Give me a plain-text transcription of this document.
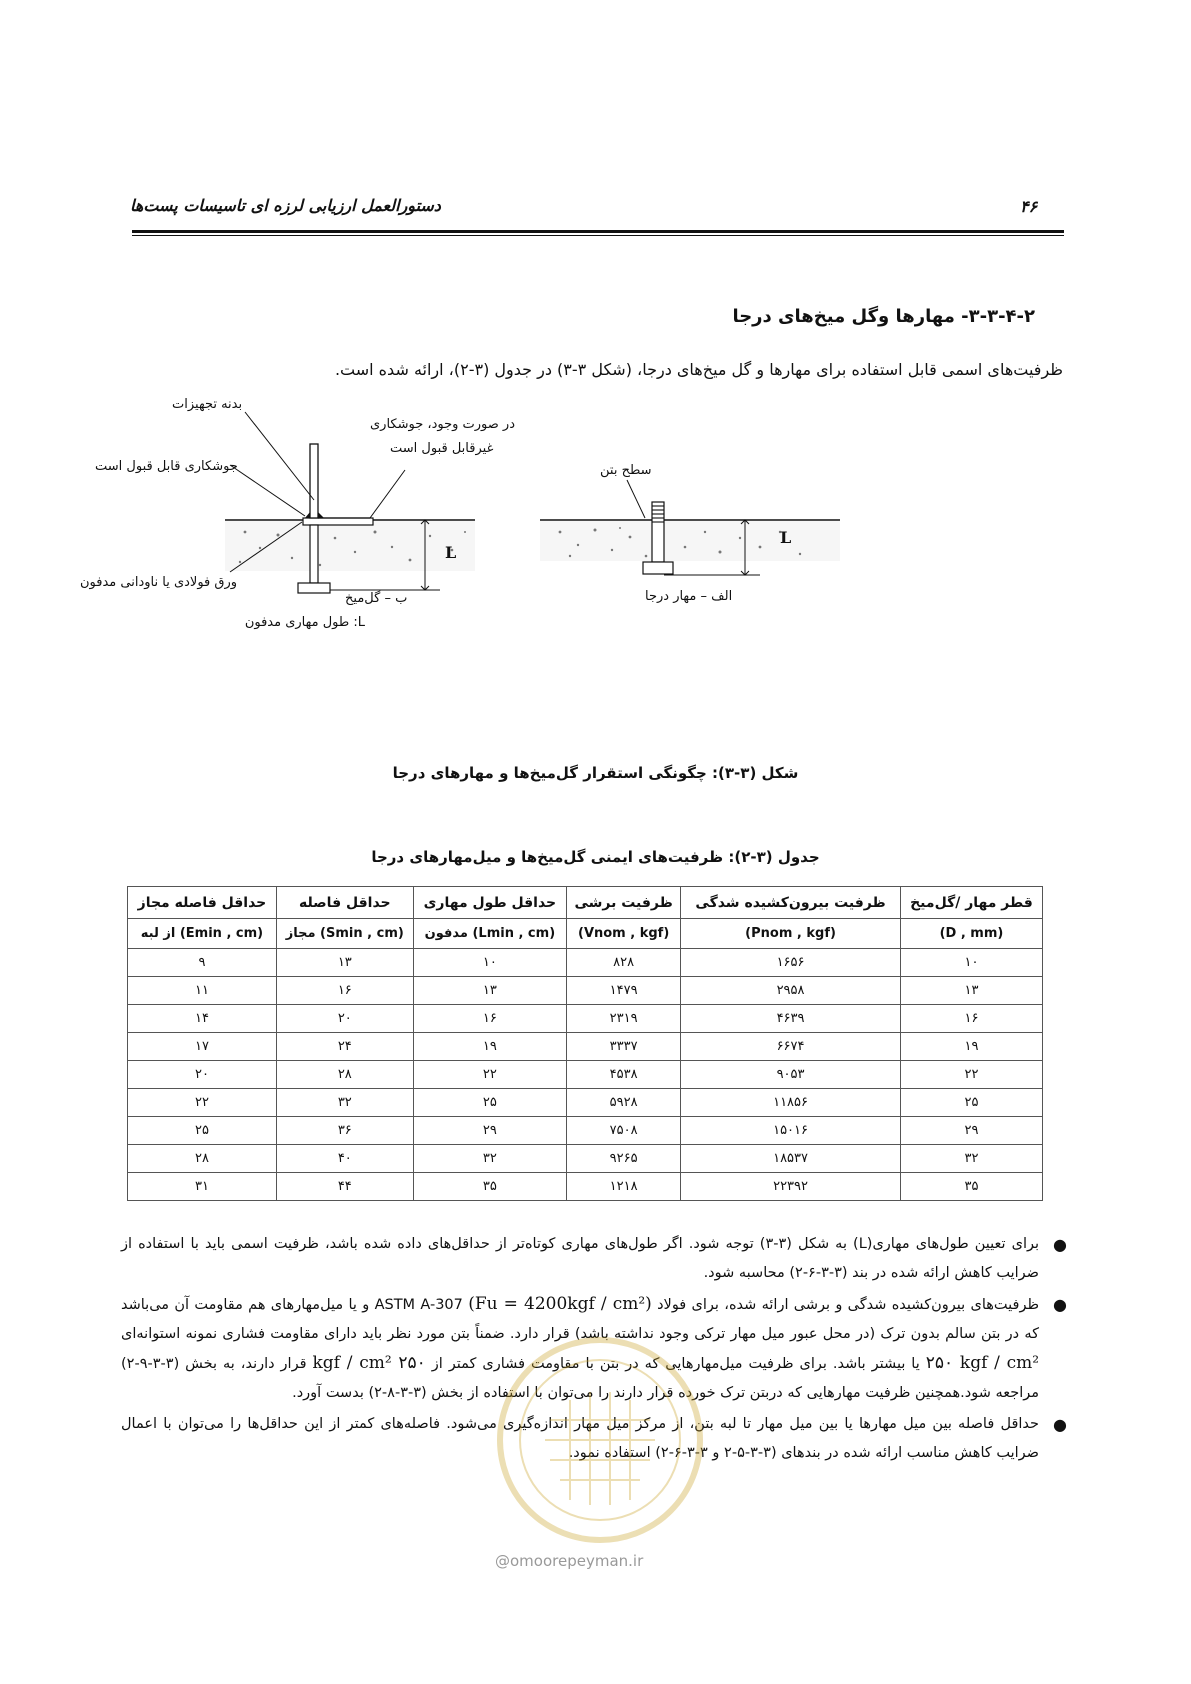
۴۶
دستورالعمل ارزیابی لرزه ای تاسیسات پست‌ها
۳-۳-۴-۲- مهارها وگل میخ‌های درجا
ظرفیت‌های اسمی قابل استفاده برای مهارها و گل میخ‌های درجا، (شکل ۳-۳) در جدول (۳-۲)، ارائه شده است.
L
سطح بتن
الف – مهار درجا
L
بدنه تجهیزات
جوشکاری قابل قبول است
در صورت وجود، جوشکاری
غیرقابل قبول است
ورق فولادی یا ناودانی مدفون
ب – گل‌میخ
L: طول مهاری مدفون
شکل (۳-۳): چگونگی استقرار گل‌میخ‌ها و مهارهای درجا
جدول (۳-۲): ظرفیت‌های ایمنی گل‌میخ‌ها و میل‌مهارهای درجا
قطر مهار /گل‌میخ	ظرفیت بیرون‌کشیده شدگی	ظرفیت برشی	حداقل طول مهاری	حداقل فاصله	حداقل فاصله مجاز
(D , mm)	(Pnom , kgf)	(Vnom , kgf)	(Lmin , cm) مدفون	(Smin , cm) مجاز	(Emin , cm) از لبه
۱۰	۱۶۵۶	۸۲۸	۱۰	۱۳	۹
۱۳	۲۹۵۸	۱۴۷۹	۱۳	۱۶	۱۱
۱۶	۴۶۳۹	۲۳۱۹	۱۶	۲۰	۱۴
۱۹	۶۶۷۴	۳۳۳۷	۱۹	۲۴	۱۷
۲۲	۹۰۵۳	۴۵۳۸	۲۲	۲۸	۲۰
۲۵	۱۱۸۵۶	۵۹۲۸	۲۵	۳۲	۲۲
۲۹	۱۵۰۱۶	۷۵۰۸	۲۹	۳۶	۲۵
۳۲	۱۸۵۳۷	۹۲۶۵	۳۲	۴۰	۲۸
۳۵	۲۲۳۹۲	۱۲۱۸	۳۵	۴۴	۳۱
●
برای تعیین طول‌های مهاری(L) به شکل (۳-۳) توجه شود. اگر طول‌های مهاری کوتاه‌تر از حداقل‌های داده شده باشد، ظرفیت اسمی باید با استفاده از ضرایب کاهش ارائه شده در بند (۳-۳-۶-۲) محاسبه شود.
●
ظرفیت‌های بیرون‌کشیده شدگی و برشی ارائه شده، برای فولاد ASTM A-307 (Fu = 4200kgf / cm²) و یا میل‌مهارهای هم مقاومت آن می‌باشد که در بتن سالم بدون ترک (در محل عبور میل مهار ترکی وجود نداشته باشد) قرار دارد. ضمناً بتن مورد نظر باید دارای مقاومت فشاری نمونه استوانه‌ای ۲۵۰ kgf / cm² یا بیشتر باشد. برای ظرفیت میل‌مهارهایی که در بتن با مقاومت فشاری کمتر از kgf / cm² ۲۵۰ قرار دارند، به بخش (۳-۳-۹-۲) مراجعه شود.همچنین ظرفیت مهارهایی که دربتن ترک خورده قرار دارند را می‌توان با استفاده از بخش (۳-۳-۸-۲) بدست آورد.
●
حداقل فاصله بین میل مهارها یا بین میل مهار تا لبه بتن، از مرکز میل مهار اندازه‌گیری می‌شود. فاصله‌های کمتر از این حداقل‌ها را می‌توان با اعمال ضرایب کاهش مناسب ارائه شده در بندهای (۳-۳-۵-۲ و ۳-۳-۶-۲) استفاده نمود.
@omoorepeyman.ir
